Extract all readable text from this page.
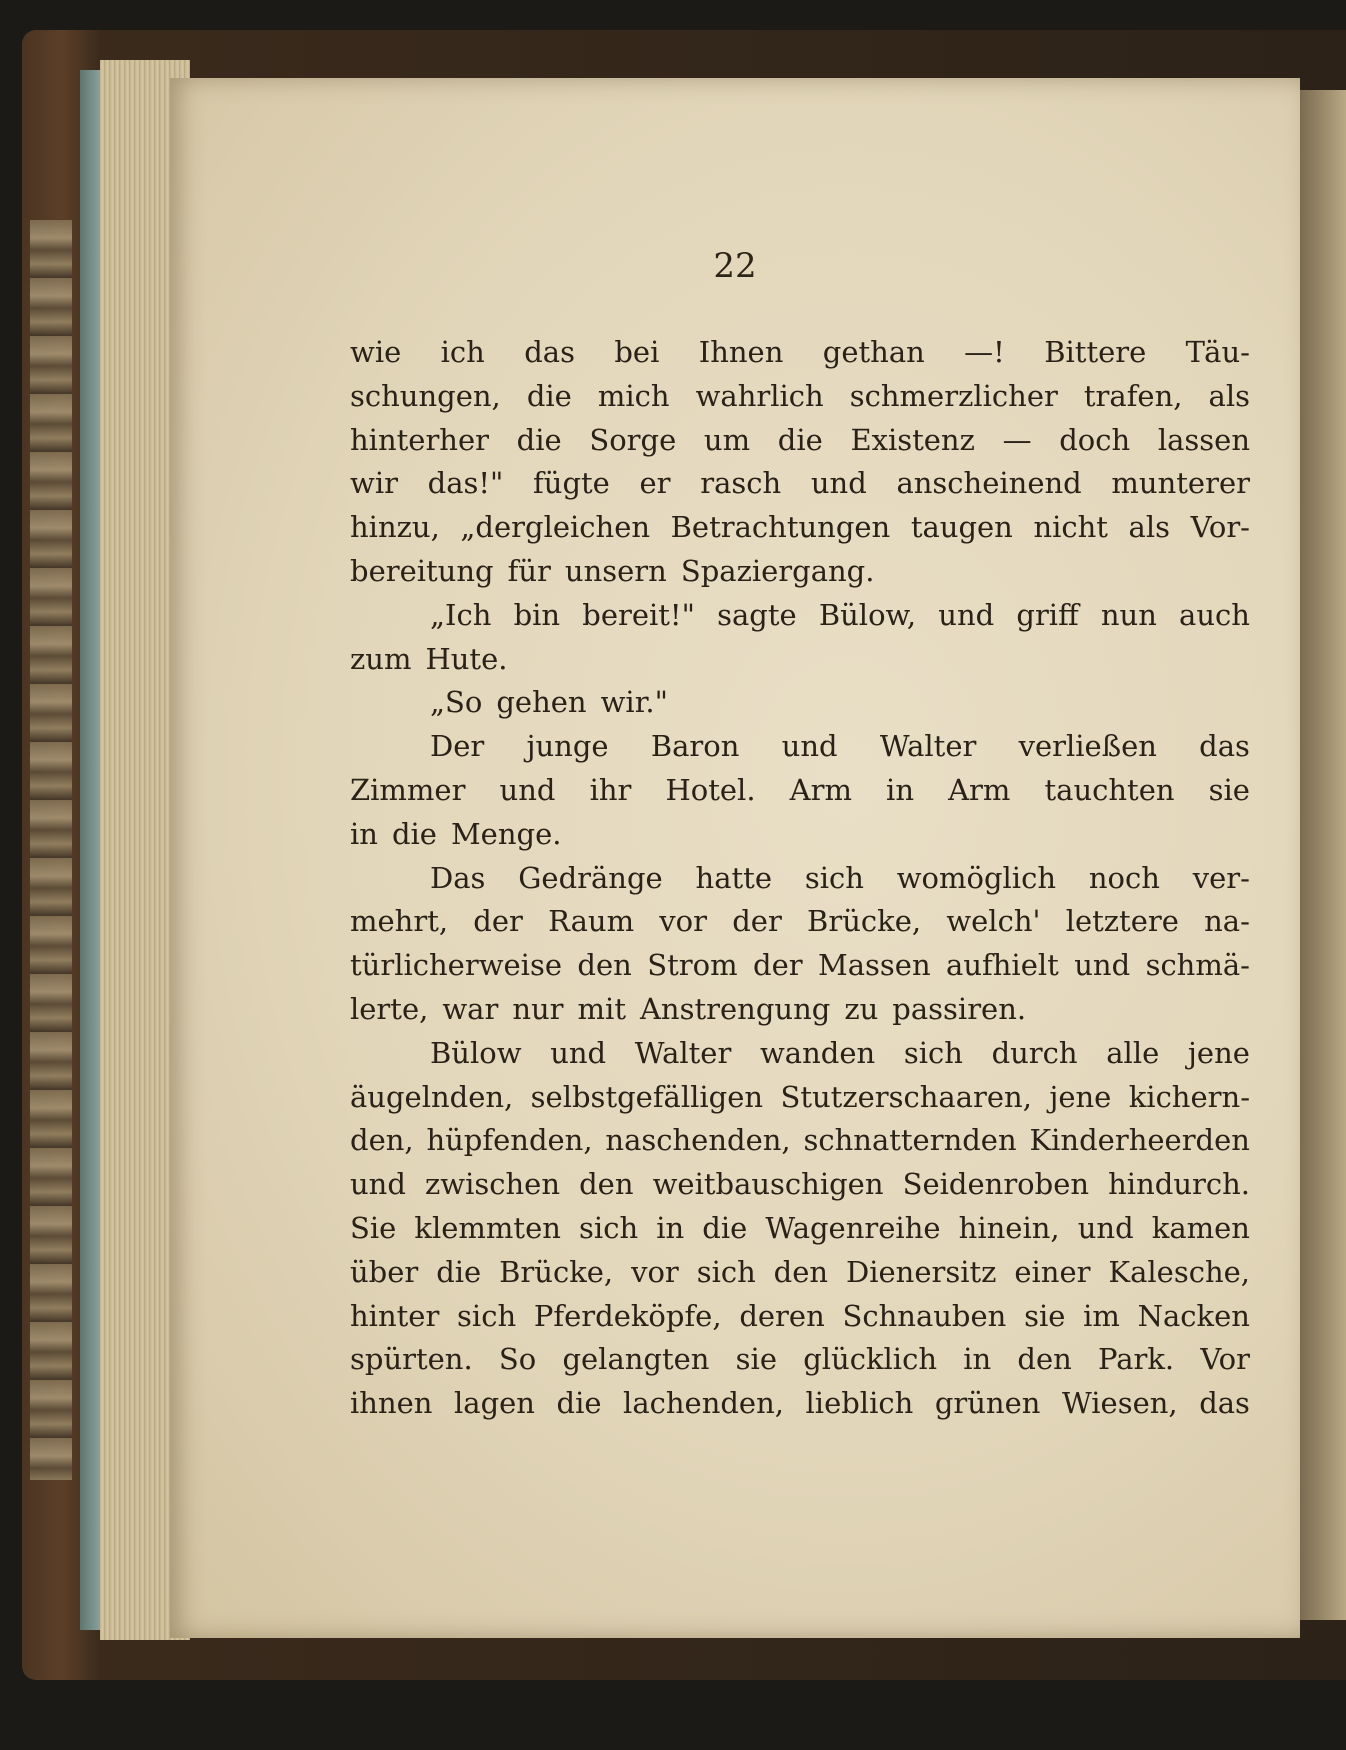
22
wie ich das bei Ihnen gethan —! Bittere Täu-
schungen, die mich wahrlich schmerzlicher trafen, als
hinterher die Sorge um die Existenz — doch lassen
wir das!" fügte er rasch und anscheinend munterer
hinzu, „dergleichen Betrachtungen taugen nicht als Vor-
bereitung für unsern Spaziergang.
„Ich bin bereit!" sagte Bülow, und griff nun auch
zum Hute.
„So gehen wir."
Der junge Baron und Walter verließen das
Zimmer und ihr Hotel. Arm in Arm tauchten sie
in die Menge.
Das Gedränge hatte sich womöglich noch ver-
mehrt, der Raum vor der Brücke, welch' letztere na-
türlicherweise den Strom der Massen aufhielt und schmä-
lerte, war nur mit Anstrengung zu passiren.
Bülow und Walter wanden sich durch alle jene
äugelnden, selbstgefälligen Stutzerschaaren, jene kichern-
den, hüpfenden, naschenden, schnatternden Kinderheerden
und zwischen den weitbauschigen Seidenroben hindurch.
Sie klemmten sich in die Wagenreihe hinein, und kamen
über die Brücke, vor sich den Dienersitz einer Kalesche,
hinter sich Pferdeköpfe, deren Schnauben sie im Nacken
spürten. So gelangten sie glücklich in den Park. Vor
ihnen lagen die lachenden, lieblich grünen Wiesen, das
